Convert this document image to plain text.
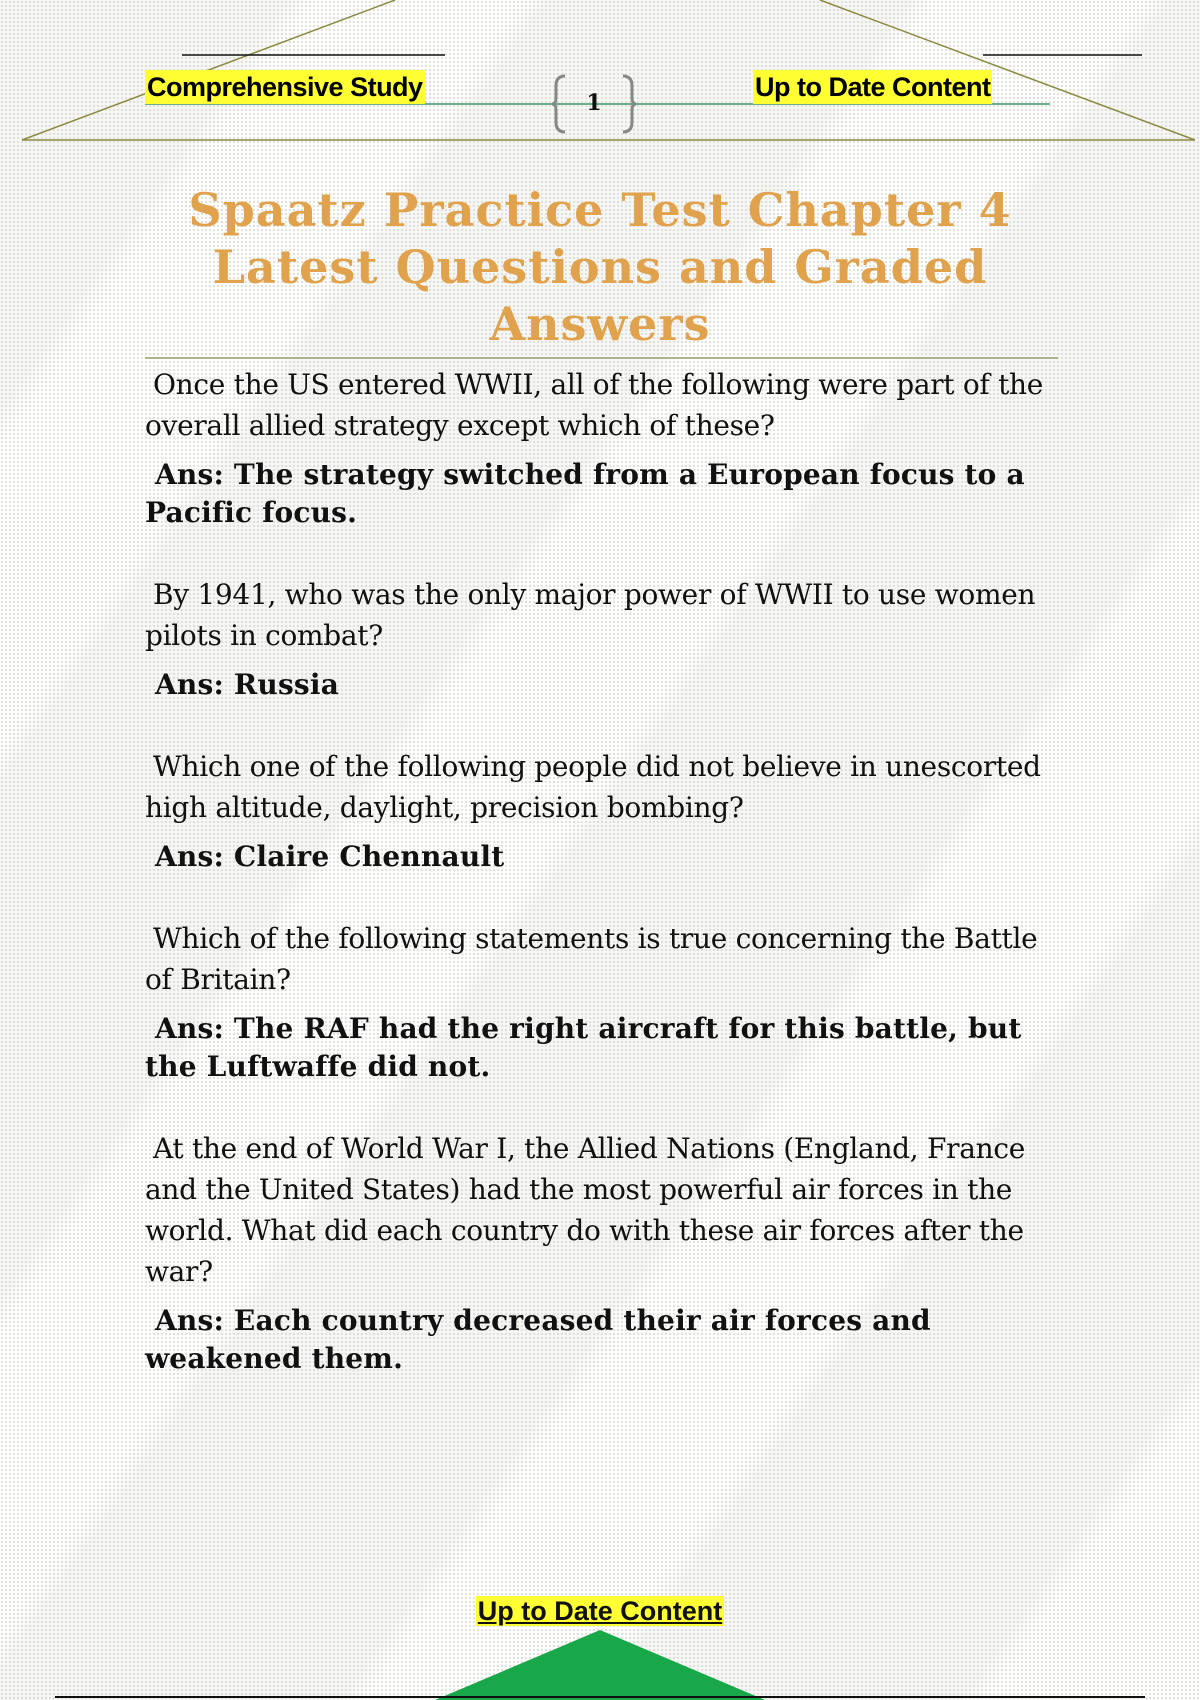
Comprehensive Study
1
Up to Date Content
Spaatz Practice Test Chapter 4 Latest Questions and Graded Answers

Once the US entered WWII, all of the following were part of the overall allied strategy except which of these?

Ans: The strategy switched from a European focus to a Pacific focus.

By 1941, who was the only major power of WWII to use women pilots in combat?

Ans: Russia

Which one of the following people did not believe in unescorted high altitude, daylight, precision bombing?

Ans: Claire Chennault

Which of the following statements is true concerning the Battle of Britain?

Ans: The RAF had the right aircraft for this battle, but the Luftwaffe did not.

At the end of World War I, the Allied Nations (England, France and the United States) had the most powerful air forces in the world. What did each country do with these air forces after the war?

Ans: Each country decreased their air forces and weakened them.

Up to Date Content
